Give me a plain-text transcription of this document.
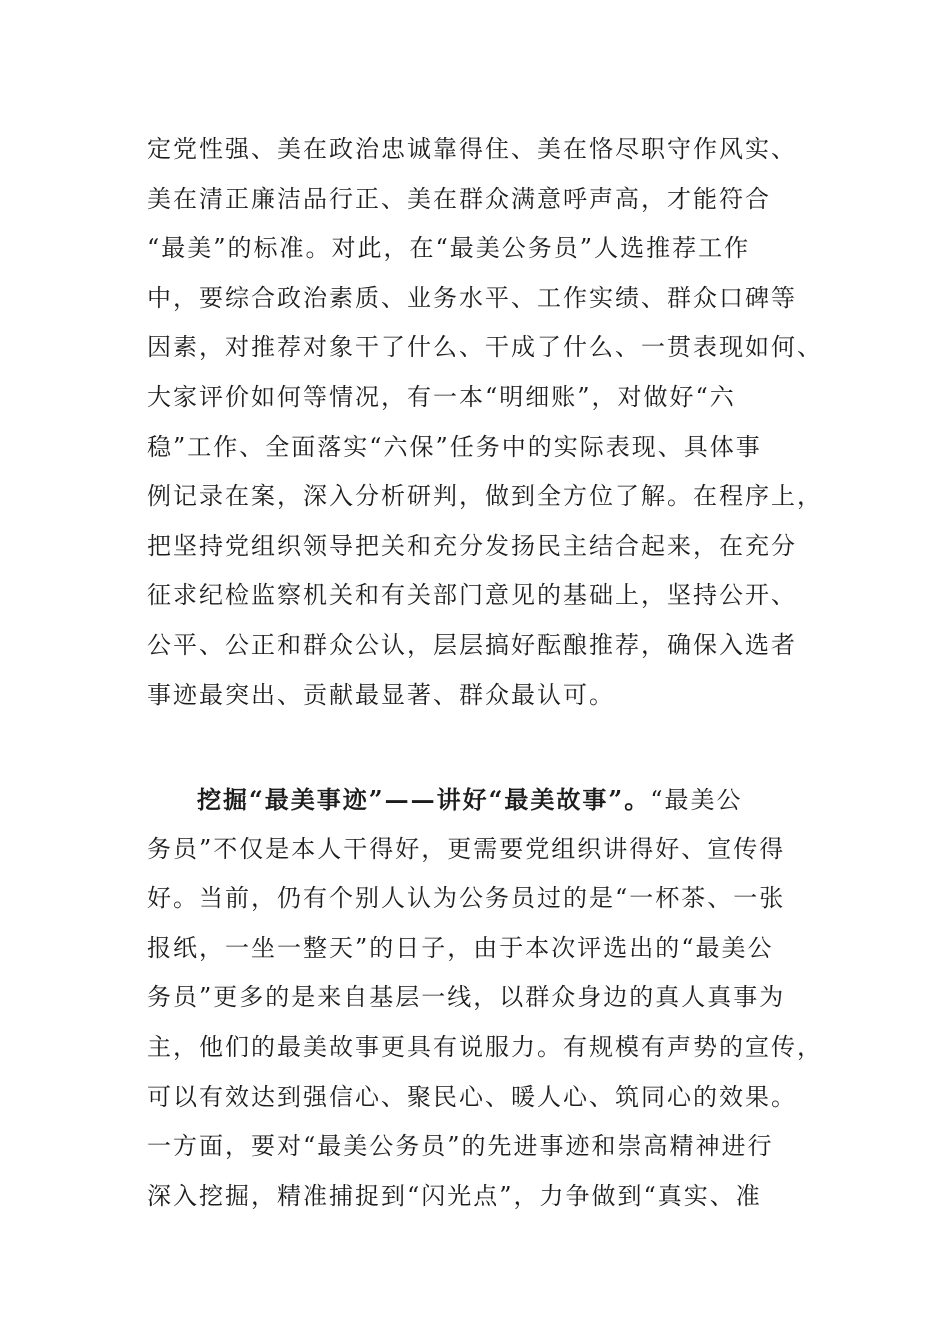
定党性强、美在政治忠诚靠得住、美在恪尽职守作风实、
美在清正廉洁品行正、美在群众满意呼声高，才能符合
“最美”的标准。对此，在“最美公务员”人选推荐工作
中，要综合政治素质、业务水平、工作实绩、群众口碑等
因素，对推荐对象干了什么、干成了什么、一贯表现如何、
大家评价如何等情况，有一本“明细账”，对做好“六
稳”工作、全面落实“六保”任务中的实际表现、具体事
例记录在案，深入分析研判，做到全方位了解。在程序上，
把坚持党组织领导把关和充分发扬民主结合起来，在充分
征求纪检监察机关和有关部门意见的基础上，坚持公开、
公平、公正和群众公认，层层搞好酝酿推荐，确保入选者
事迹最突出、贡献最显著、群众最认可。
挖掘“最美事迹”——讲好“最美故事”。“最美公
务员”不仅是本人干得好，更需要党组织讲得好、宣传得
好。当前，仍有个别人认为公务员过的是“一杯茶、一张
报纸，一坐一整天”的日子，由于本次评选出的“最美公
务员”更多的是来自基层一线，以群众身边的真人真事为
主，他们的最美故事更具有说服力。有规模有声势的宣传，
可以有效达到强信心、聚民心、暖人心、筑同心的效果。
一方面，要对“最美公务员”的先进事迹和崇高精神进行
深入挖掘，精准捕捉到“闪光点”，力争做到“真实、准
